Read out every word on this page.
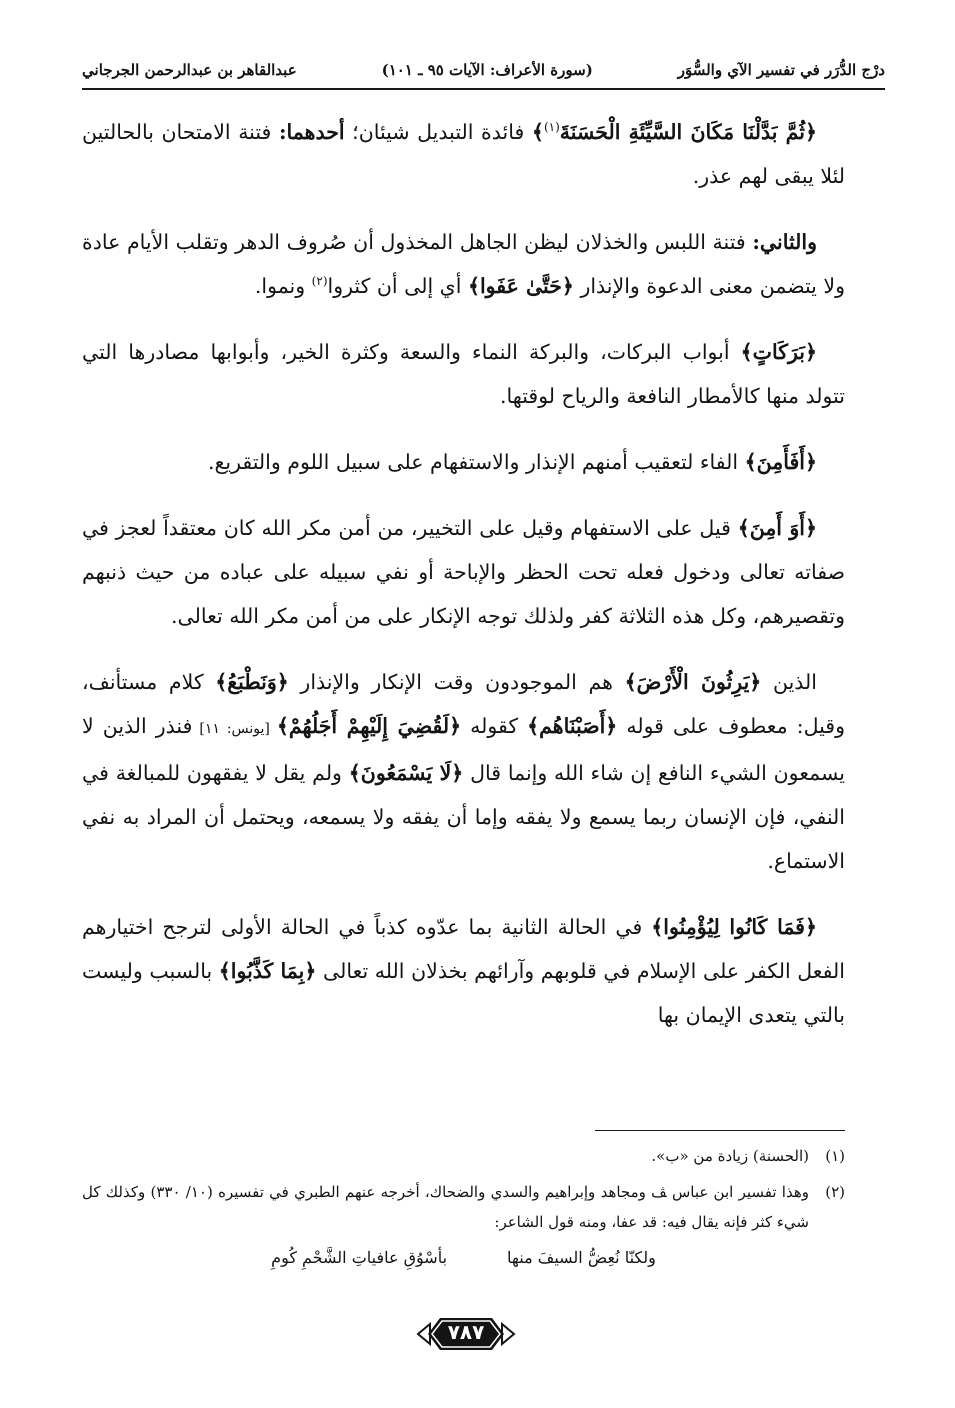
درْج الدُّرَر في تفسير الآي والسُّوَر
(سورة الأعراف: الآيات ٩٥ ـ ١٠١)
عبدالقاهر بن عبدالرحمن الجرجاني

﴿ثُمَّ بَدَّلْنَا مَكَانَ السَّيِّئَةِ الْحَسَنَةَ$^{(١)}$﴾ فائدة التبديل شيئان؛ أحدهما: فتنة الامتحان بالحالتين لئلا يبقى لهم عذر.

والثاني: فتنة اللبس والخذلان ليظن الجاهل المخذول أن صُروف الدهر وتقلب الأيام عادة ولا يتضمن معنى الدعوة والإنذار ﴿حَتَّىٰ عَفَوا﴾ أي إلى أن كثروا$^{(٢)}$ ونموا.

﴿بَرَكَاتٍ﴾ أبواب البركات، والبركة النماء والسعة وكثرة الخير، وأبوابها مصادرها التي تتولد منها كالأمطار النافعة والرياح لوقتها.

﴿أَفَأَمِنَ﴾ الفاء لتعقيب أمنهم الإنذار والاستفهام على سبيل اللوم والتقريع.

﴿أَوَ أَمِنَ﴾ قيل على الاستفهام وقيل على التخيير، من أمن مكر الله كان معتقداً لعجز في صفاته تعالى ودخول فعله تحت الحظر والإباحة أو نفي سبيله على عباده من حيث ذنبهم وتقصيرهم، وكل هذه الثلاثة كفر ولذلك توجه الإنكار على من أمن مكر الله تعالى.

الذين ﴿يَرِثُونَ الْأَرْضَ﴾ هم الموجودون وقت الإنكار والإنذار ﴿وَنَطْبَعُ﴾ كلام مستأنف، وقيل: معطوف على قوله ﴿أَصَبْنَاهُم﴾ كقوله ﴿لَقُضِيَ إِلَيْهِمْ أَجَلُهُمْ﴾ [يونس: ١١] فنذر الذين لا يسمعون الشيء النافع إن شاء الله وإنما قال ﴿لَا يَسْمَعُونَ﴾ ولم يقل لا يفقهون للمبالغة في النفي، فإن الإنسان ربما يسمع ولا يفقه وإما أن يفقه ولا يسمعه، ويحتمل أن المراد به نفي الاستماع.

﴿فَمَا كَانُوا لِيُؤْمِنُوا﴾ في الحالة الثانية بما عدّوه كذباً في الحالة الأولى لترجح اختيارهم الفعل الكفر على الإسلام في قلوبهم وآرائهم بخذلان الله تعالى ﴿بِمَا كَذَّبُوا﴾ بالسبب وليست بالتي يتعدى الإيمان بها

(١)(الحسنة) زيادة من «ب».

(٢)وهذا تفسير ابن عباس ﭫ ومجاهد وإبراهيم والسدي والضحاك، أخرجه عنهم الطبري في تفسيره (١٠/ ٣٣٠) وكذلك كل شيء كثر فإنه يقال فيه: قد عفا، ومنه قول الشاعر:

ولكنّا نُعِضُّ السيفَ منهابأسْوُقِ عافياتِ الشَّحْمِ كُومِ
٧٨٧
